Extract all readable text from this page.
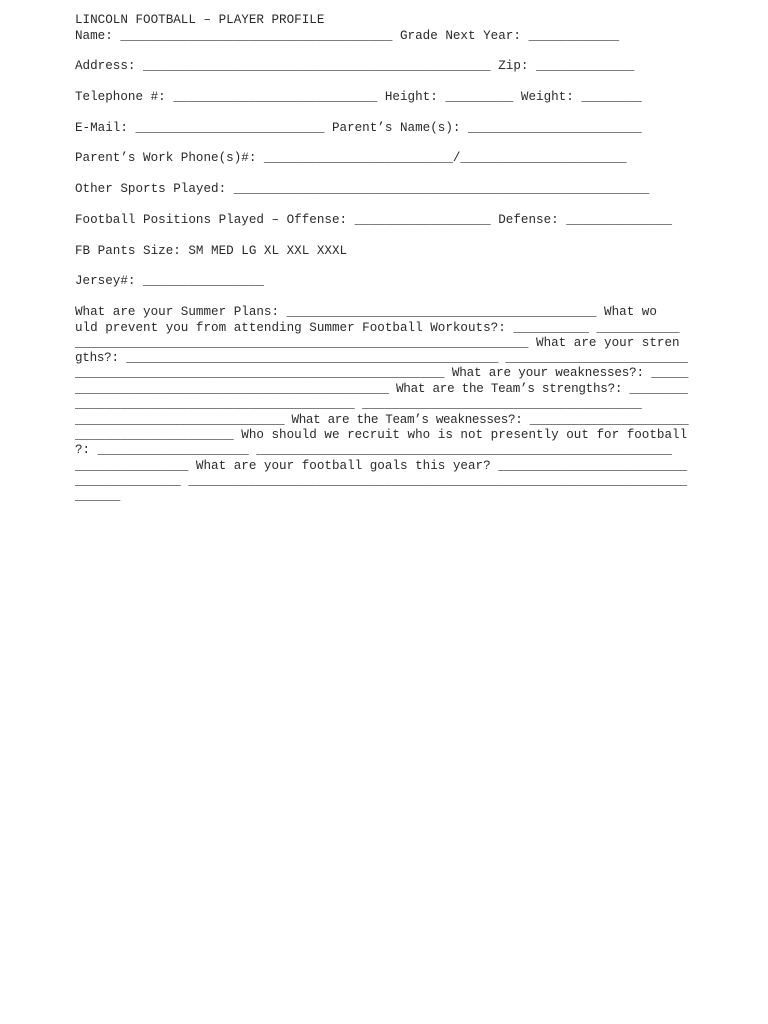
LINCOLN FOOTBALL – PLAYER PROFILE
Name: ____________________________________ Grade Next Year: ____________
Address: ______________________________________________ Zip: _____________
Telephone #: ___________________________ Height: _________ Weight: ________
E-Mail: _________________________ Parent’s Name(s): _______________________
Parent’s Work Phone(s)#: _________________________/______________________
Other Sports Played: _______________________________________________________
Football Positions Played – Offense: __________________ Defense: ______________
FB Pants Size: SM MED LG XL XXL XXXL
Jersey#: ________________
What are your Summer Plans: _________________________________________ What wo
uld prevent you from attending Summer Football Workouts?: __________ ___________
____________________________________________________________ What are your stren
gths?: ___________________________________________________ _________________________
__________________________________________________ What are your weaknesses?: _____
___________________________________________ What are the Team’s strengths?: ________
_____________________________________ _____________________________________
_____________________________ What are the Team’s weaknesses?: ______________________
_____________________ Who should we recruit who is not presently out for football
?: ____________________ _______________________________________________________
_______________ What are your football goals this year? _________________________
______________ __________________________________________________________________
______
